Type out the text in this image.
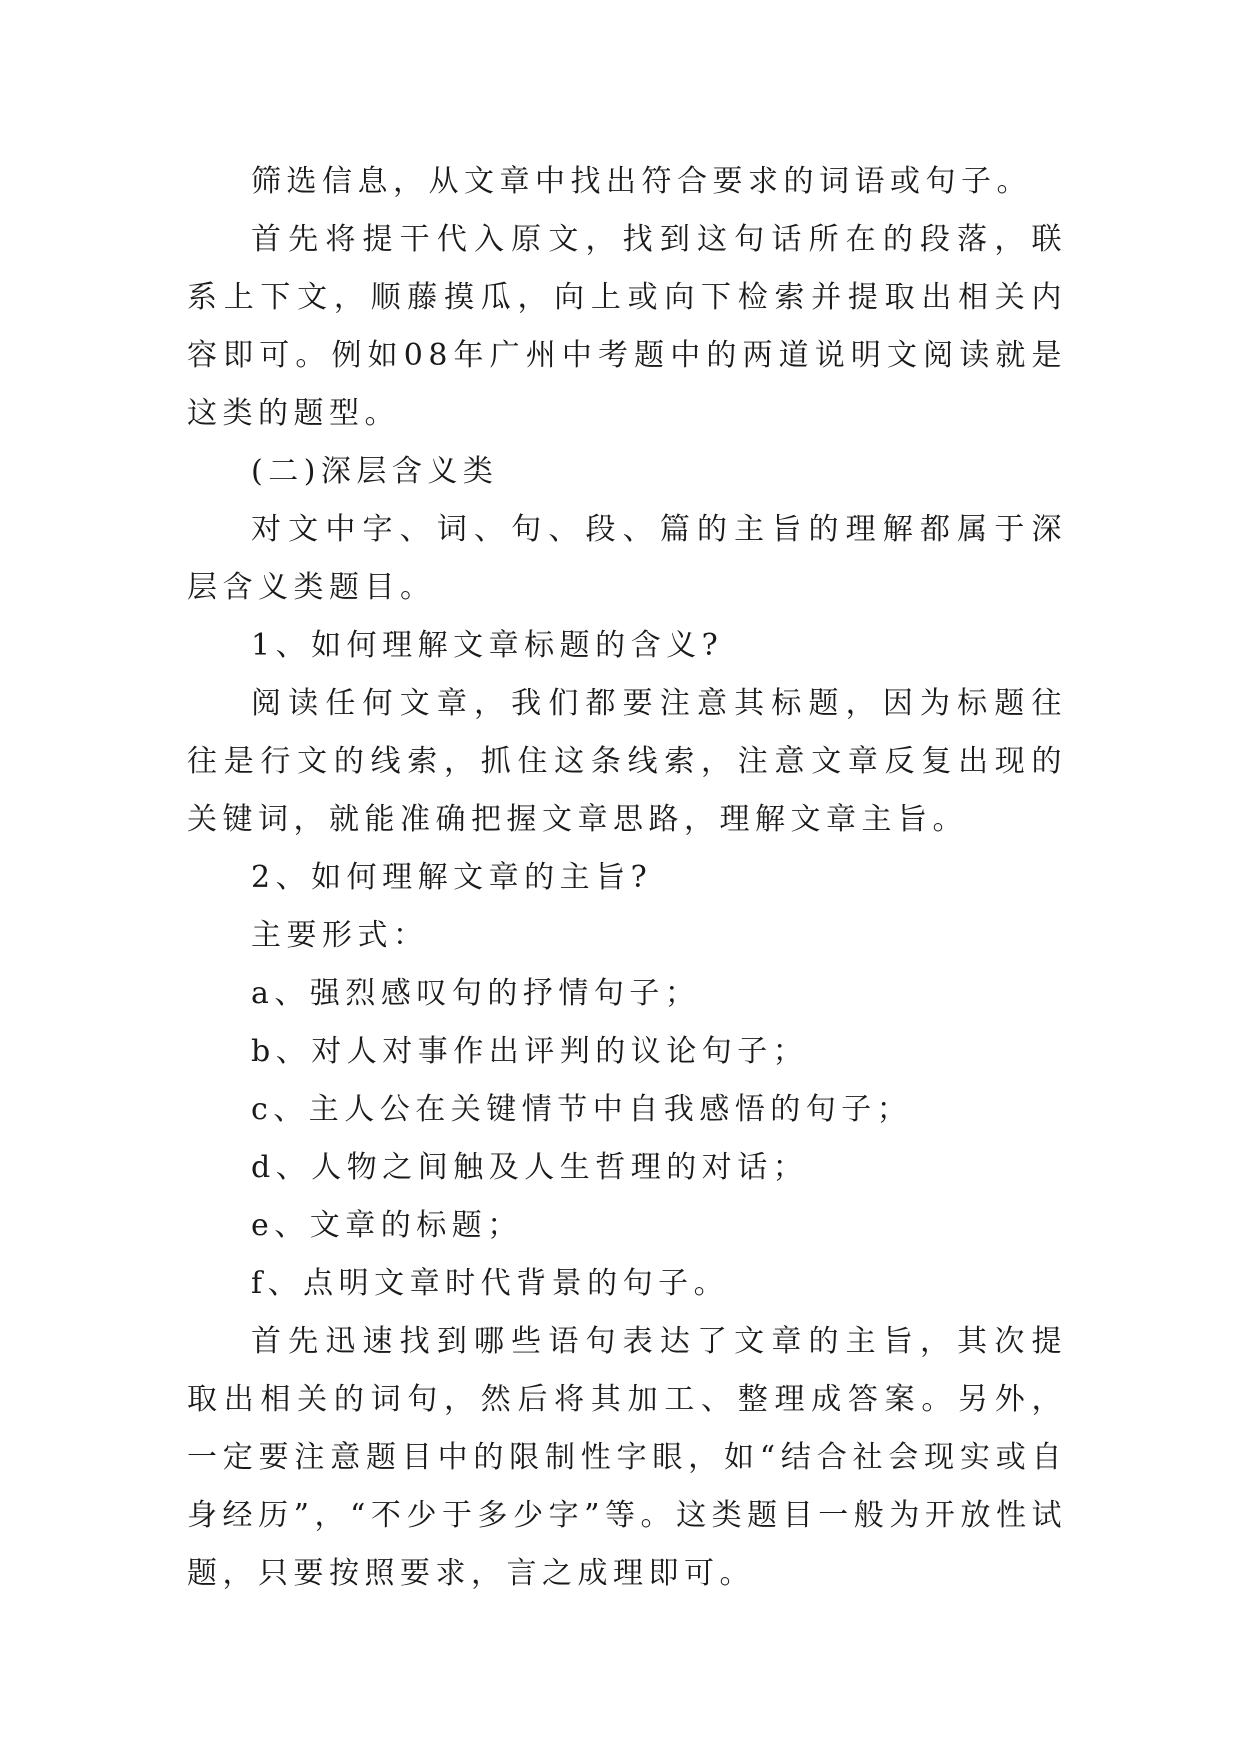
筛选信息，从文章中找出符合要求的词语或句子。

首先将提干代入原文，找到这句话所在的段落，联系上下文，顺藤摸瓜，向上或向下检索并提取出相关内容即可。例如08年广州中考题中的两道说明文阅读就是这类的题型。

(二)深层含义类

对文中字、词、句、段、篇的主旨的理解都属于深层含义类题目。

1、如何理解文章标题的含义?

阅读任何文章，我们都要注意其标题，因为标题往往是行文的线索，抓住这条线索，注意文章反复出现的关键词，就能准确把握文章思路，理解文章主旨。

2、如何理解文章的主旨?

主要形式：

a、强烈感叹句的抒情句子；

b、对人对事作出评判的议论句子；

c、主人公在关键情节中自我感悟的句子；

d、人物之间触及人生哲理的对话；

e、文章的标题；

f、点明文章时代背景的句子。

首先迅速找到哪些语句表达了文章的主旨，其次提取出相关的词句，然后将其加工、整理成答案。另外，一定要注意题目中的限制性字眼，如“结合社会现实或自身经历”，“不少于多少字”等。这类题目一般为开放性试题，只要按照要求，言之成理即可。
